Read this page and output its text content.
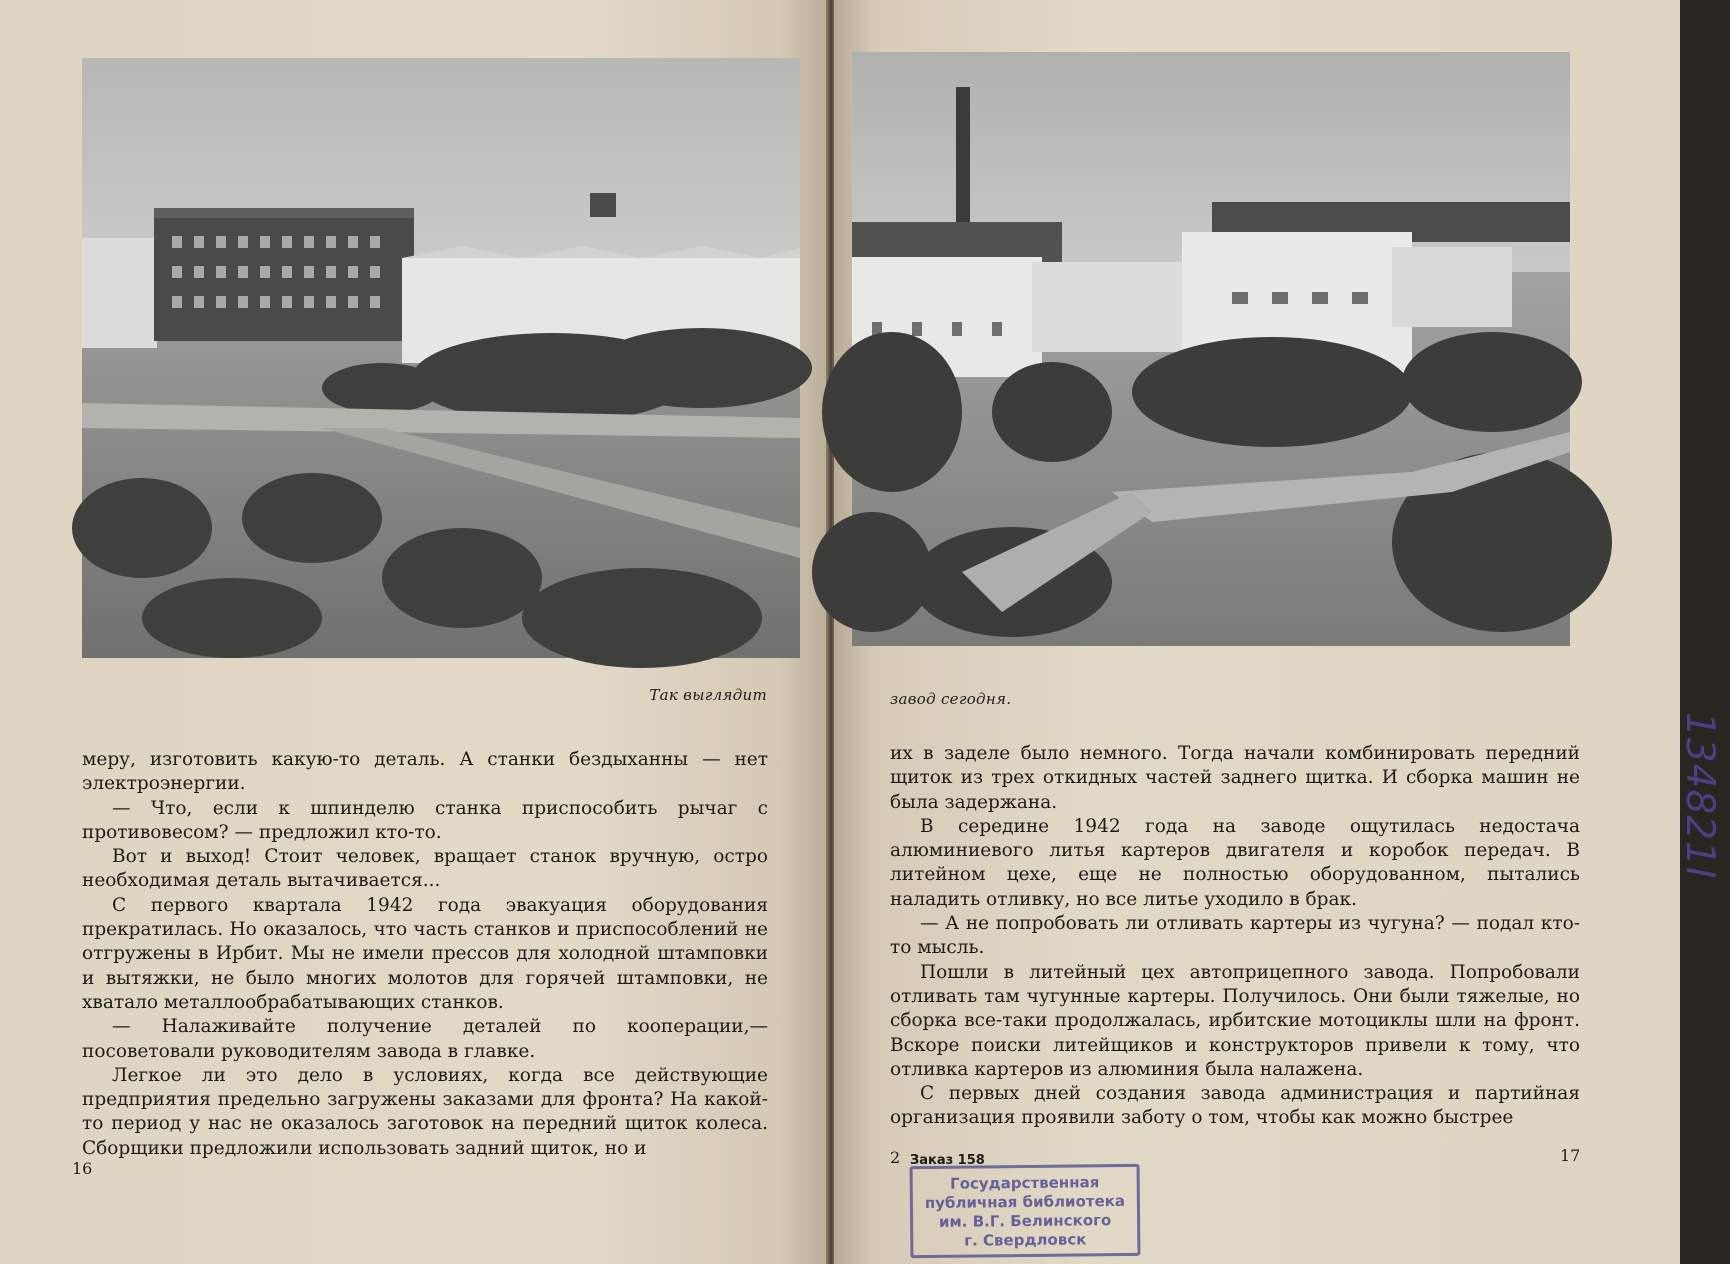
Так выглядит

меру, изготовить какую-то деталь. А станки бездыханны — нет электроэнергии.

— Что, если к шпинделю станка приспособить рычаг с противовесом? — предложил кто-то.

Вот и выход! Стоит человек, вращает станок вручную, остро необходимая деталь вытачивается...

С первого квартала 1942 года эвакуация оборудования прекратилась. Но оказалось, что часть станков и приспособлений не отгружены в Ирбит. Мы не имели прессов для холодной штамповки и вытяжки, не было многих молотов для горячей штамповки, не хватало металлообрабатывающих станков.

— Налаживайте получение деталей по кооперации,— посоветовали руководителям завода в главке.

Легкое ли это дело в условиях, когда все действующие предприятия предельно загружены заказами для фронта? На какой-то период у нас не оказалось заготовок на передний щиток колеса. Сборщики предложили использовать задний щиток, но и

16
завод сегодня.
134821I

их в заделе было немного. Тогда начали комбинировать передний щиток из трех откидных частей заднего щитка. И сборка машин не была задержана.

В середине 1942 года на заводе ощутилась недостача алюминиевого литья картеров двигателя и коробок передач. В литейном цехе, еще не полностью оборудованном, пытались наладить отливку, но все литье уходило в брак.

— А не попробовать ли отливать картеры из чугуна? — подал кто-то мысль.

Пошли в литейный цех автоприцепного завода. Попробовали отливать там чугунные картеры. Получилось. Они были тяжелые, но сборка все-таки продолжалась, ирбитские мотоциклы шли на фронт. Вскоре поиски литейщиков и конструкторов привели к тому, что отливка картеров из алюминия была налажена.

С первых дней создания завода администрация и партийная организация проявили заботу о том, чтобы как можно быстрее

2 Заказ 158	17
Государственная
публичная библиотека
им. В.Г. Белинского
г. Свердловск
